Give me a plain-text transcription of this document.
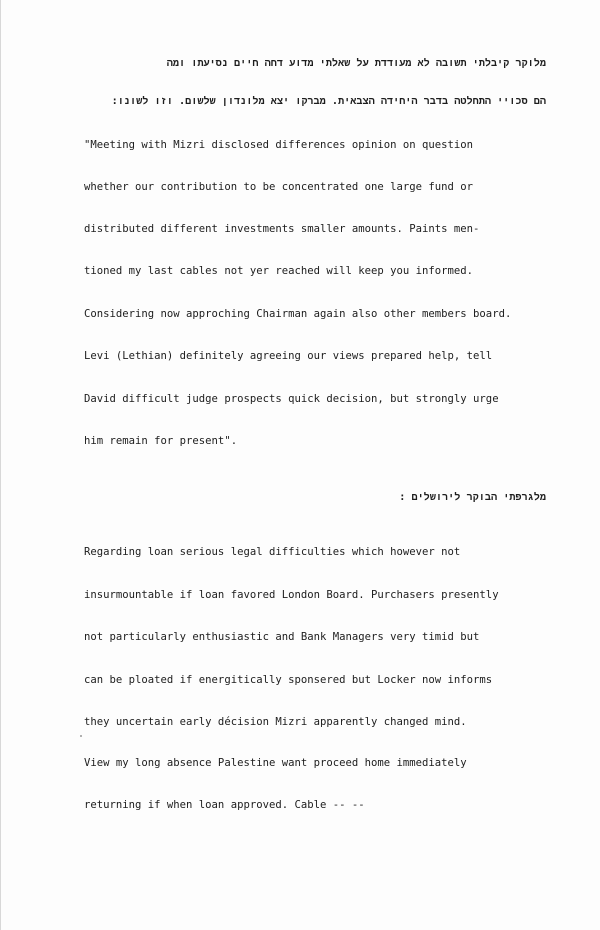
מלוקר קיבלתי תשובה לא מעודדת על שאלתי מדוע דחה חיים נסיעתו ומה
הם סכויי התחלטה בדבר היחידה הצבאית. מברקו יצא מלונדון שלשום. וזו לשונו:
"Meeting with Mizri disclosed differences opinion on question
whether our contribution to be concentrated one large fund or
distributed different investments smaller amounts. Paints men-
tioned my last cables not yer reached will keep you informed.
Considering now approching Chairman again also other members board.
Levi (Lethian) definitely agreeing our views prepared help, tell
David difficult judge prospects quick decision, but strongly urge
him remain for present".
מלגרפתי הבוקר לירושלים :
Regarding loan serious legal difficulties which however not
insurmountable if loan favored London Board. Purchasers presently
not particularly enthusiastic and Bank Managers very timid but
can be ploated if energitically sponsered but Locker now informs
they uncertain early décision Mizri apparently changed mind.
View my long absence Palestine want proceed home immediately
returning if when loan approved. Cable -- --
